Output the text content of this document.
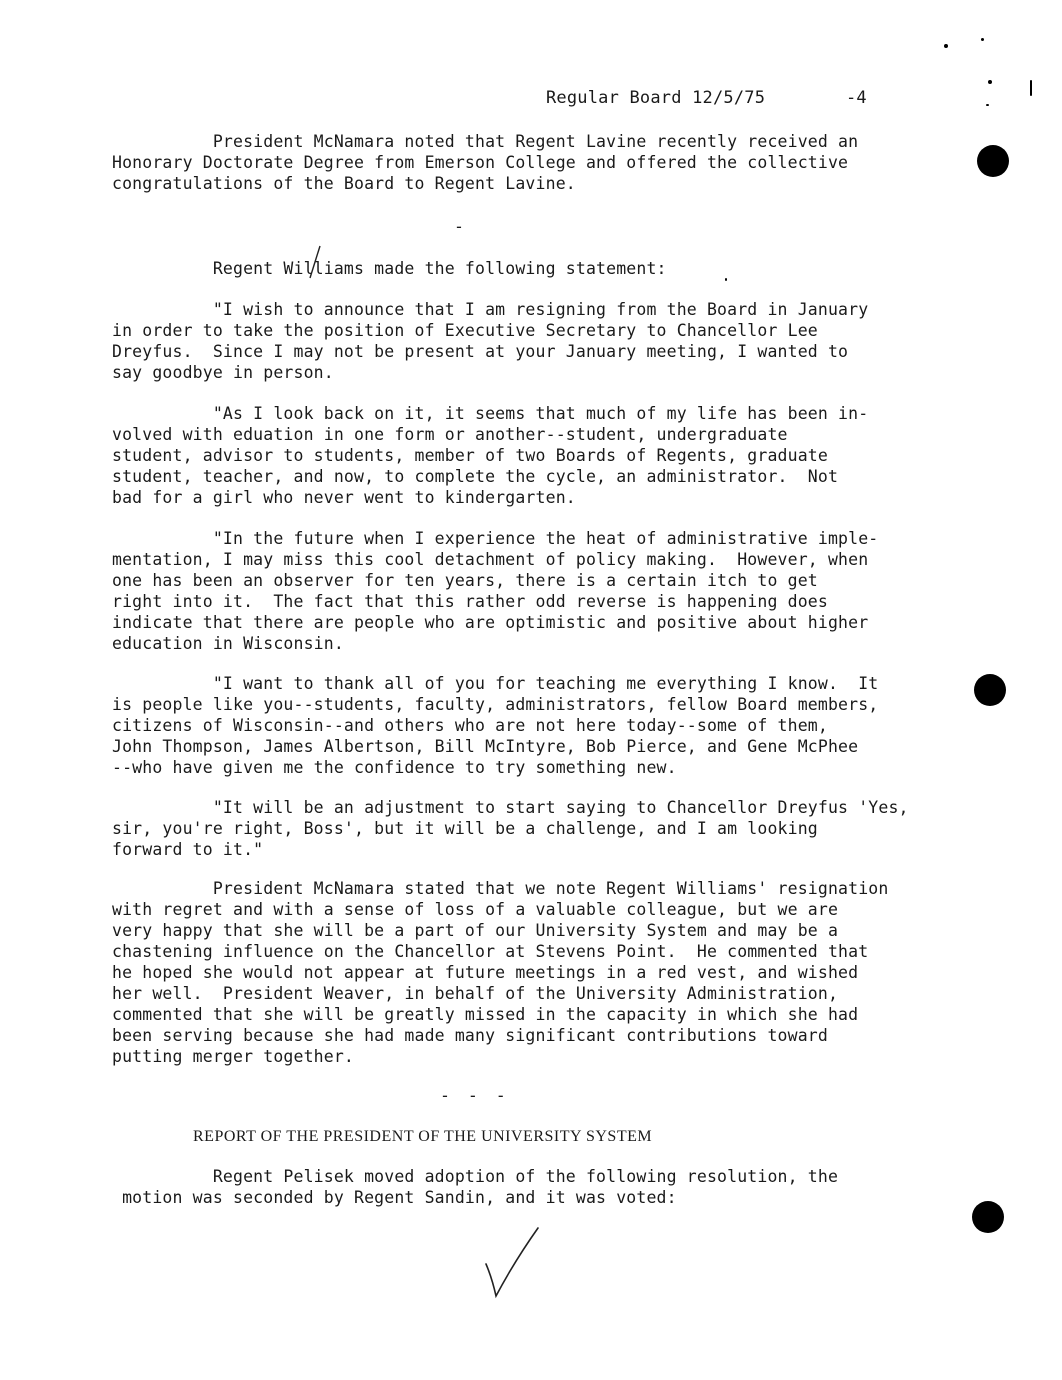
Regular Board 12/5/75	-4
President McNamara noted that Regent Lavine recently received an
Honorary Doctorate Degree from Emerson College and offered the collective
congratulations of the Board to Regent Lavine.
-
Regent Williams made the following statement:
"I wish to announce that I am resigning from the Board in January
in order to take the position of Executive Secretary to Chancellor Lee
Dreyfus.  Since I may not be present at your January meeting, I wanted to
say goodbye in person.
"As I look back on it, it seems that much of my life has been in-
volved with eduation in one form or another--student, undergraduate
student, advisor to students, member of two Boards of Regents, graduate
student, teacher, and now, to complete the cycle, an administrator.  Not
bad for a girl who never went to kindergarten.
"In the future when I experience the heat of administrative imple-
mentation, I may miss this cool detachment of policy making.  However, when
one has been an observer for ten years, there is a certain itch to get
right into it.  The fact that this rather odd reverse is happening does
indicate that there are people who are optimistic and positive about higher
education in Wisconsin.
"I want to thank all of you for teaching me everything I know.  It
is people like you--students, faculty, administrators, fellow Board members,
citizens of Wisconsin--and others who are not here today--some of them,
John Thompson, James Albertson, Bill McIntyre, Bob Pierce, and Gene McPhee
--who have given me the confidence to try something new.
"It will be an adjustment to start saying to Chancellor Dreyfus 'Yes,
sir, you're right, Boss', but it will be a challenge, and I am looking
forward to it."
President McNamara stated that we note Regent Williams' resignation
with regret and with a sense of loss of a valuable colleague, but we are
very happy that she will be a part of our University System and may be a
chastening influence on the Chancellor at Stevens Point.  He commented that
he hoped she would not appear at future meetings in a red vest, and wished
her well.  President Weaver, in behalf of the University Administration,
commented that she will be greatly missed in the capacity in which she had
been serving because she had made many significant contributions toward
putting merger together.
- - -
REPORT OF THE PRESIDENT OF THE UNIVERSITY SYSTEM
Regent Pelisek moved adoption of the following resolution, the
motion was seconded by Regent Sandin, and it was voted:
